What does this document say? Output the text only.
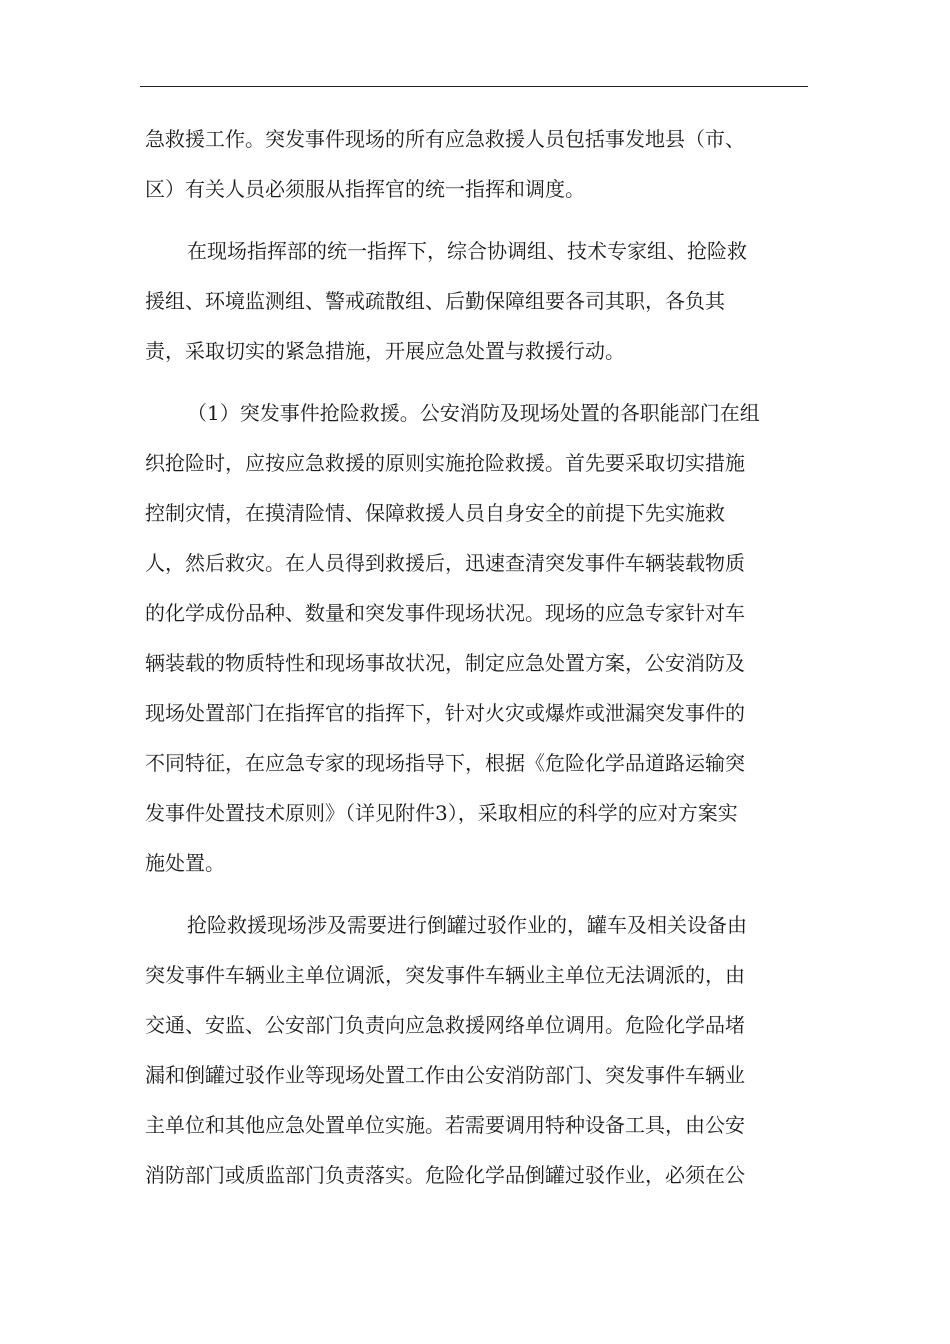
急救援工作。突发事件现场的所有应急救援人员包括事发地县（市、
区）有关人员必须服从指挥官的统一指挥和调度。
在现场指挥部的统一指挥下，综合协调组、技术专家组、抢险救
援组、环境监测组、警戒疏散组、后勤保障组要各司其职，各负其
责，采取切实的紧急措施，开展应急处置与救援行动。
（1）突发事件抢险救援。公安消防及现场处置的各职能部门在组
织抢险时，应按应急救援的原则实施抢险救援。首先要采取切实措施
控制灾情，在摸清险情、保障救援人员自身安全的前提下先实施救
人，然后救灾。在人员得到救援后，迅速查清突发事件车辆装载物质
的化学成份品种、数量和突发事件现场状况。现场的应急专家针对车
辆装载的物质特性和现场事故状况，制定应急处置方案，公安消防及
现场处置部门在指挥官的指挥下，针对火灾或爆炸或泄漏突发事件的
不同特征，在应急专家的现场指导下，根据《危险化学品道路运输突
发事件处置技术原则》（详见附件3），采取相应的科学的应对方案实
施处置。
抢险救援现场涉及需要进行倒罐过驳作业的，罐车及相关设备由
突发事件车辆业主单位调派，突发事件车辆业主单位无法调派的，由
交通、安监、公安部门负责向应急救援网络单位调用。危险化学品堵
漏和倒罐过驳作业等现场处置工作由公安消防部门、突发事件车辆业
主单位和其他应急处置单位实施。若需要调用特种设备工具，由公安
消防部门或质监部门负责落实。危险化学品倒罐过驳作业，必须在公
